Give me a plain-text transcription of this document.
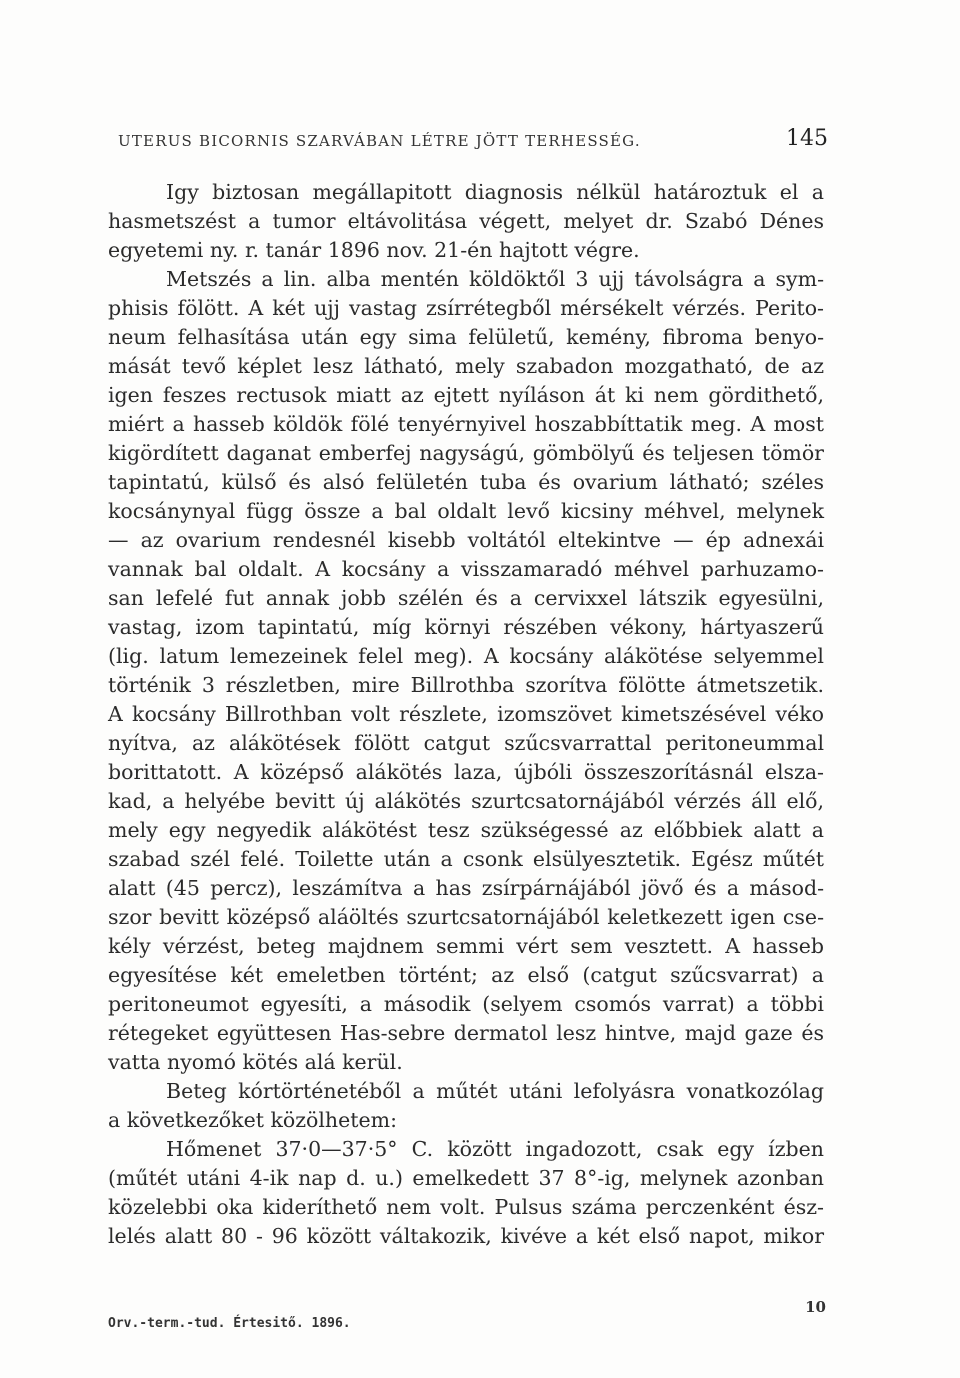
UTERUS BICORNIS SZARVÁBAN LÉTRE JÖTT TERHESSÉG.	145
Igy biztosan megállapitott diagnosis nélkül határoztuk el a
hasmetszést a tumor eltávolitása végett, melyet dr. Szabó Dénes
egyetemi ny. r. tanár 1896 nov. 21-én hajtott végre.
Metszés a lin. alba mentén köldöktől 3 ujj távolságra a sym-
phisis fölött. A két ujj vastag zsírrétegből mérsékelt vérzés. Perito-
neum felhasítása után egy sima felületű, kemény, fibroma benyo-
mását tevő képlet lesz látható, mely szabadon mozgatható, de az
igen feszes rectusok miatt az ejtett nyíláson át ki nem gördithető,
miért a hasseb köldök fölé tenyérnyivel hoszabbíttatik meg. A most
kigördített daganat emberfej nagyságú, gömbölyű és teljesen tömör
tapintatú, külső és alsó felületén tuba és ovarium látható; széles
kocsánynyal függ össze a bal oldalt levő kicsiny méhvel, melynek
— az ovarium rendesnél kisebb voltától eltekintve — ép adnexái
vannak bal oldalt. A kocsány a visszamaradó méhvel parhuzamo-
san lefelé fut annak jobb szélén és a cervixxel látszik egyesülni,
vastag, izom tapintatú, míg környi részében vékony, hártyaszerű
(lig. latum lemezeinek felel meg). A kocsány alákötése selyemmel
történik 3 részletben, mire Billrothba szorítva fölötte átmetszetik.
A kocsány Billrothban volt részlete, izomszövet kimetszésével véko
nyítva, az alákötések fölött catgut szűcsvarrattal peritoneummal
borittatott. A középső alákötés laza, újbóli összeszorításnál elsza-
kad, a helyébe bevitt új alákötés szurtcsatornájából vérzés áll elő,
mely egy negyedik alákötést tesz szükségessé az előbbiek alatt a
szabad szél felé. Toilette után a csonk elsülyesztetik. Egész műtét
alatt (45 percz), leszámítva a has zsírpárnájából jövő és a másod-
szor bevitt középső aláöltés szurtcsatornájából keletkezett igen cse-
kély vérzést, beteg majdnem semmi vért sem vesztett. A hasseb
egyesítése két emeletben történt; az első (catgut szűcsvarrat) a
peritoneumot egyesíti, a második (selyem csomós varrat) a többi
rétegeket együttesen Has-sebre dermatol lesz hintve, majd gaze és
vatta nyomó kötés alá kerül.
Beteg kórtörténetéből a műtét utáni lefolyásra vonatkozólag
a következőket közölhetem:
Hőmenet 37·0—37·5° C. között ingadozott, csak egy ízben
(műtét utáni 4-ik nap d. u.) emelkedett 37 8°-ig, melynek azonban
közelebbi oka kideríthető nem volt. Pulsus száma perczenként ész-
lelés alatt 80 - 96 között váltakozik, kivéve a két első napot, mikor
Orv.-term.-tud. Értesitő. 1896.
10
